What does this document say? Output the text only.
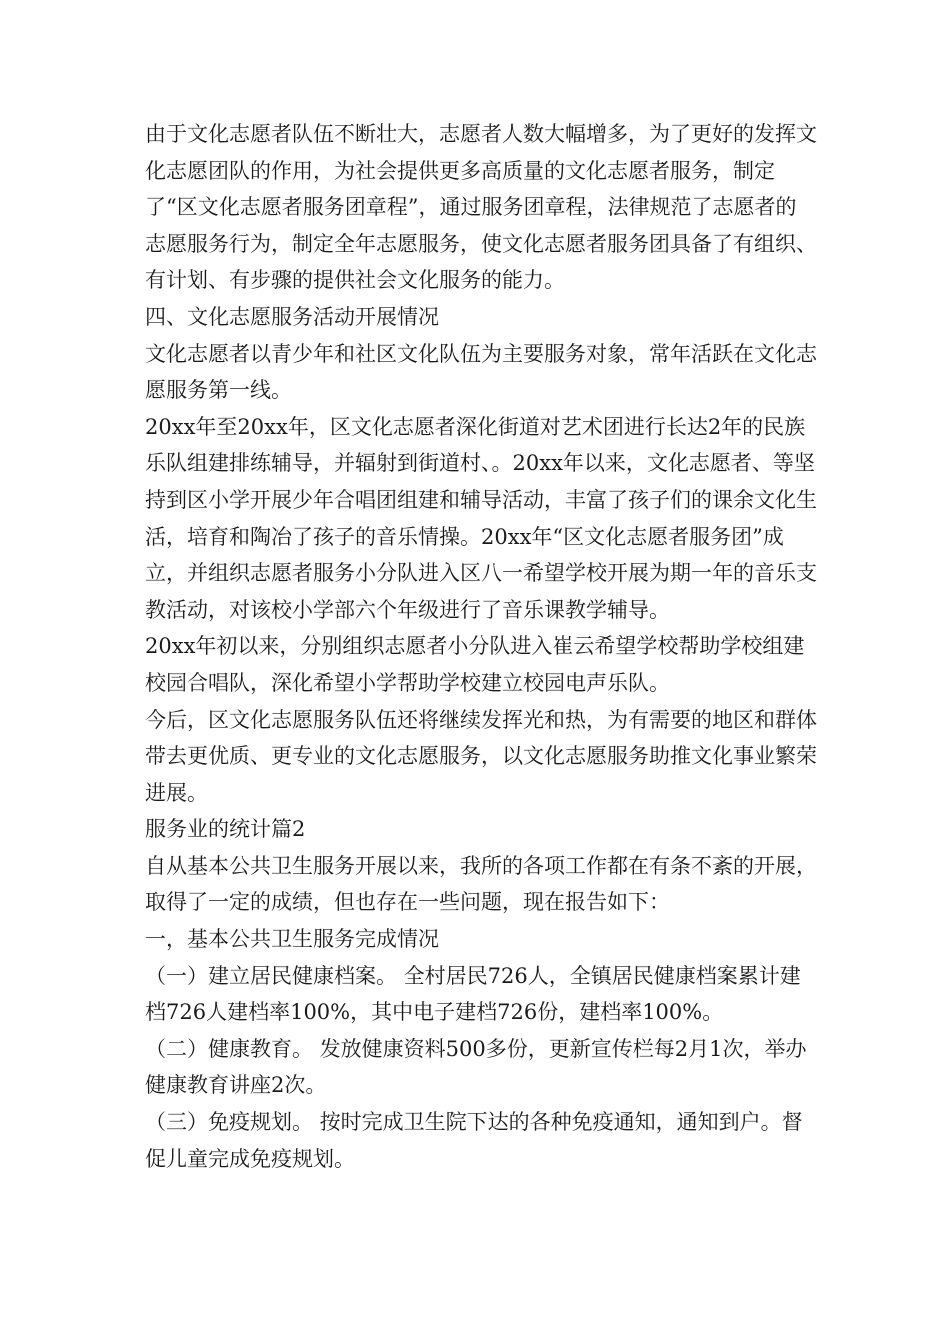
由于文化志愿者队伍不断壮大，志愿者人数大幅增多，为了更好的发挥文化志愿团队的作用，为社会提供更多高质量的文化志愿者服务，制定了“区文化志愿者服务团章程”，通过服务团章程，法律规范了志愿者的志愿服务行为，制定全年志愿服务，使文化志愿者服务团具备了有组织、有计划、有步骤的提供社会文化服务的能力。

四、文化志愿服务活动开展情况

文化志愿者以青少年和社区文化队伍为主要服务对象，常年活跃在文化志愿服务第一线。

20xx年至20xx年，区文化志愿者深化街道对艺术团进行长达2年的民族乐队组建排练辅导，并辐射到街道村、。20xx年以来，文化志愿者、等坚持到区小学开展少年合唱团组建和辅导活动，丰富了孩子们的课余文化生活，培育和陶冶了孩子的音乐情操。20xx年“区文化志愿者服务团”成立，并组织志愿者服务小分队进入区八一希望学校开展为期一年的音乐支教活动，对该校小学部六个年级进行了音乐课教学辅导。

20xx年初以来，分别组织志愿者小分队进入崔云希望学校帮助学校组建校园合唱队，深化希望小学帮助学校建立校园电声乐队。

今后，区文化志愿服务队伍还将继续发挥光和热，为有需要的地区和群体带去更优质、更专业的文化志愿服务，以文化志愿服务助推文化事业繁荣进展。

服务业的统计篇2

自从基本公共卫生服务开展以来，我所的各项工作都在有条不紊的开展，取得了一定的成绩，但也存在一些问题，现在报告如下：

一，基本公共卫生服务完成情况

（一）建立居民健康档案。 全村居民726人，全镇居民健康档案累计建档726人建档率100%，其中电子建档726份，建档率100%。

（二）健康教育。 发放健康资料500多份，更新宣传栏每2月1次，举办健康教育讲座2次。

（三）免疫规划。 按时完成卫生院下达的各种免疫通知，通知到户。督促儿童完成免疫规划。
